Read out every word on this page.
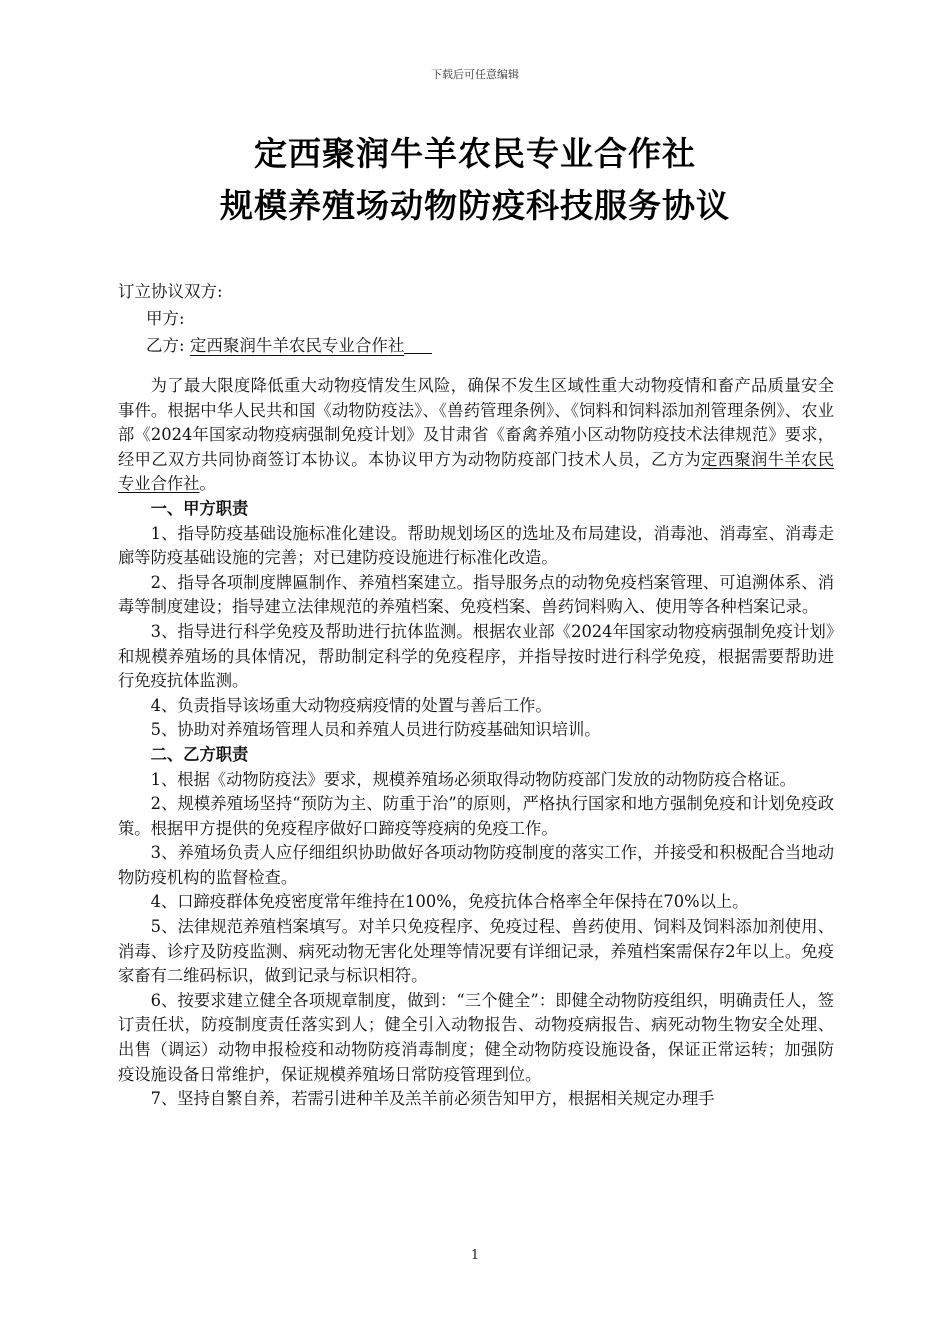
下载后可任意编辑
定西聚润牛羊农民专业合作社
规模养殖场动物防疫科技服务协议
订立协议双方:
甲方:
乙方: 定西聚润牛羊农民专业合作社

为了最大限度降低重大动物疫情发生风险，确保不发生区域性重大动物疫情和畜产品质量安全事件。根据中华人民共和国《动物防疫法》、《兽药管理条例》、《饲料和饲料添加剂管理条例》、农业部《2024年国家动物疫病强制免疫计划》及甘肃省《畜禽养殖小区动物防疫技术法律规范》要求，经甲乙双方共同协商签订本协议。本协议甲方为动物防疫部门技术人员，乙方为定西聚润牛羊农民专业合作社。

一、甲方职责

1、指导防疫基础设施标准化建设。帮助规划场区的选址及布局建设，消毒池、消毒室、消毒走廊等防疫基础设施的完善；对已建防疫设施进行标准化改造。

2、指导各项制度牌匾制作、养殖档案建立。指导服务点的动物免疫档案管理、可追溯体系、消毒等制度建设；指导建立法律规范的养殖档案、免疫档案、兽药饲料购入、使用等各种档案记录。

3、指导进行科学免疫及帮助进行抗体监测。根据农业部《2024年国家动物疫病强制免疫计划》和规模养殖场的具体情况，帮助制定科学的免疫程序，并指导按时进行科学免疫，根据需要帮助进行免疫抗体监测。

4、负责指导该场重大动物疫病疫情的处置与善后工作。

5、协助对养殖场管理人员和养殖人员进行防疫基础知识培训。

二、乙方职责

1、根据《动物防疫法》要求，规模养殖场必须取得动物防疫部门发放的动物防疫合格证。

2、规模养殖场坚持“预防为主、防重于治”的原则，严格执行国家和地方强制免疫和计划免疫政策。根据甲方提供的免疫程序做好口蹄疫等疫病的免疫工作。

3、养殖场负责人应仔细组织协助做好各项动物防疫制度的落实工作，并接受和积极配合当地动物防疫机构的监督检查。

4、口蹄疫群体免疫密度常年维持在100%，免疫抗体合格率全年保持在70%以上。

5、法律规范养殖档案填写。对羊只免疫程序、免疫过程、兽药使用、饲料及饲料添加剂使用、消毒、诊疗及防疫监测、病死动物无害化处理等情况要有详细记录，养殖档案需保存2年以上。免疫家畜有二维码标识，做到记录与标识相符。

6、按要求建立健全各项规章制度，做到：“三个健全”：即健全动物防疫组织，明确责任人，签订责任状，防疫制度责任落实到人；健全引入动物报告、动物疫病报告、病死动物生物安全处理、出售（调运）动物申报检疫和动物防疫消毒制度；健全动物防疫设施设备，保证正常运转；加强防疫设施设备日常维护，保证规模养殖场日常防疫管理到位。

7、坚持自繁自养，若需引进种羊及羔羊前必须告知甲方，根据相关规定办理手

1
